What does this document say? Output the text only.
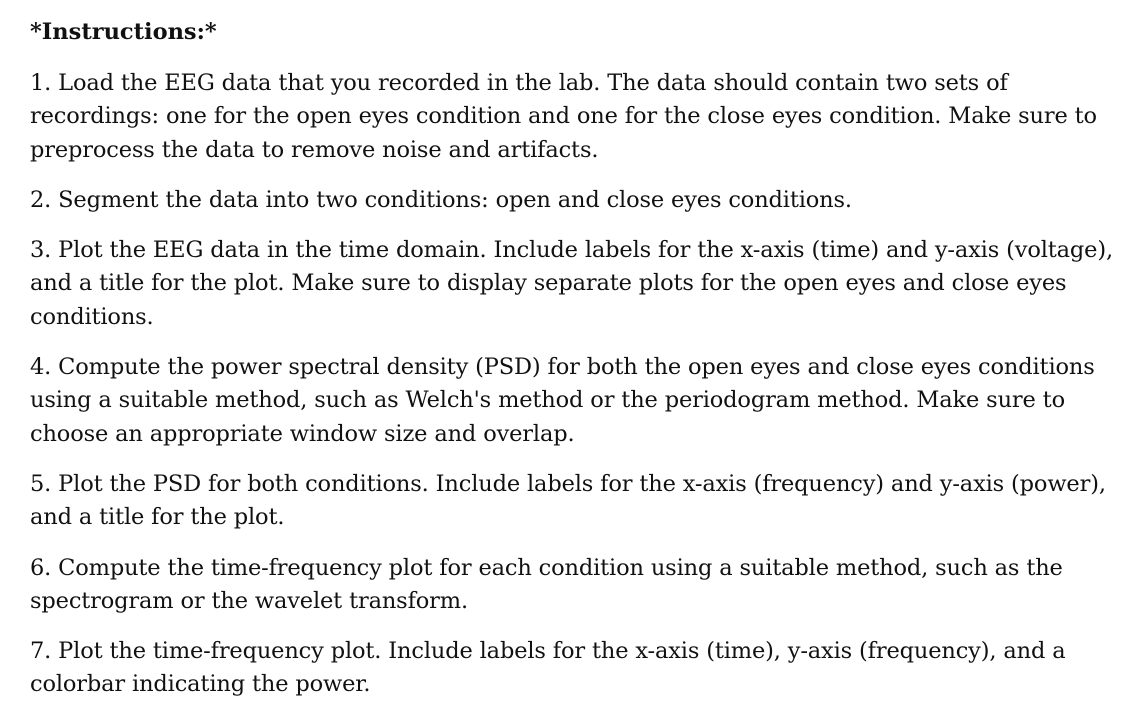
*Instructions:*
1. Load the EEG data that you recorded in the lab. The data should contain two sets of recordings: one for the open eyes condition and one for the close eyes condition. Make sure to preprocess the data to remove noise and artifacts.
2. Segment the data into two conditions: open and close eyes conditions.
3. Plot the EEG data in the time domain. Include labels for the x-axis (time) and y-axis (voltage), and a title for the plot. Make sure to display separate plots for the open eyes and close eyes conditions.
4. Compute the power spectral density (PSD) for both the open eyes and close eyes conditions using a suitable method, such as Welch's method or the periodogram method. Make sure to choose an appropriate window size and overlap.
5. Plot the PSD for both conditions. Include labels for the x-axis (frequency) and y-axis (power), and a title for the plot.
6. Compute the time-frequency plot for each condition using a suitable method, such as the spectrogram or the wavelet transform.
7. Plot the time-frequency plot. Include labels for the x-axis (time), y-axis (frequency), and a colorbar indicating the power.
